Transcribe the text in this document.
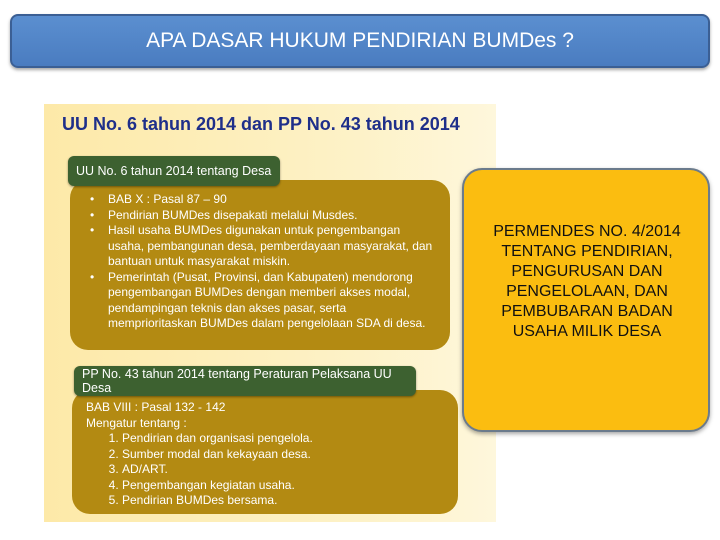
APA DASAR HUKUM PENDIRIAN BUMDes ?
UU No. 6 tahun 2014 dan PP No. 43 tahun 2014
• BAB X : Pasal 87 – 90
• Pendirian BUMDes disepakati melalui Musdes.
• Hasil usaha BUMDes digunakan untuk pengembangan usaha, pembangunan desa, pemberdayaan masyarakat, dan bantuan untuk masyarakat miskin.
• Pemerintah (Pusat, Provinsi, dan Kabupaten) mendorong pengembangan BUMDes dengan memberi akses modal, pendampingan teknis dan akses pasar, serta memprioritaskan BUMDes dalam pengelolaan SDA di desa.
UU No. 6 tahun 2014 tentang Desa
BAB VIII : Pasal 132 - 142
Mengatur tentang :
1. Pendirian dan organisasi pengelola.
2. Sumber modal dan kekayaan desa.
3. AD/ART.
4. Pengembangan kegiatan usaha.
5. Pendirian BUMDes bersama.
PP No. 43 tahun 2014 tentang Peraturan Pelaksana UU Desa
PERMENDES NO. 4/2014 TENTANG PENDIRIAN, PENGURUSAN DAN PENGELOLAAN, DAN PEMBUBARAN BADAN USAHA MILIK DESA
